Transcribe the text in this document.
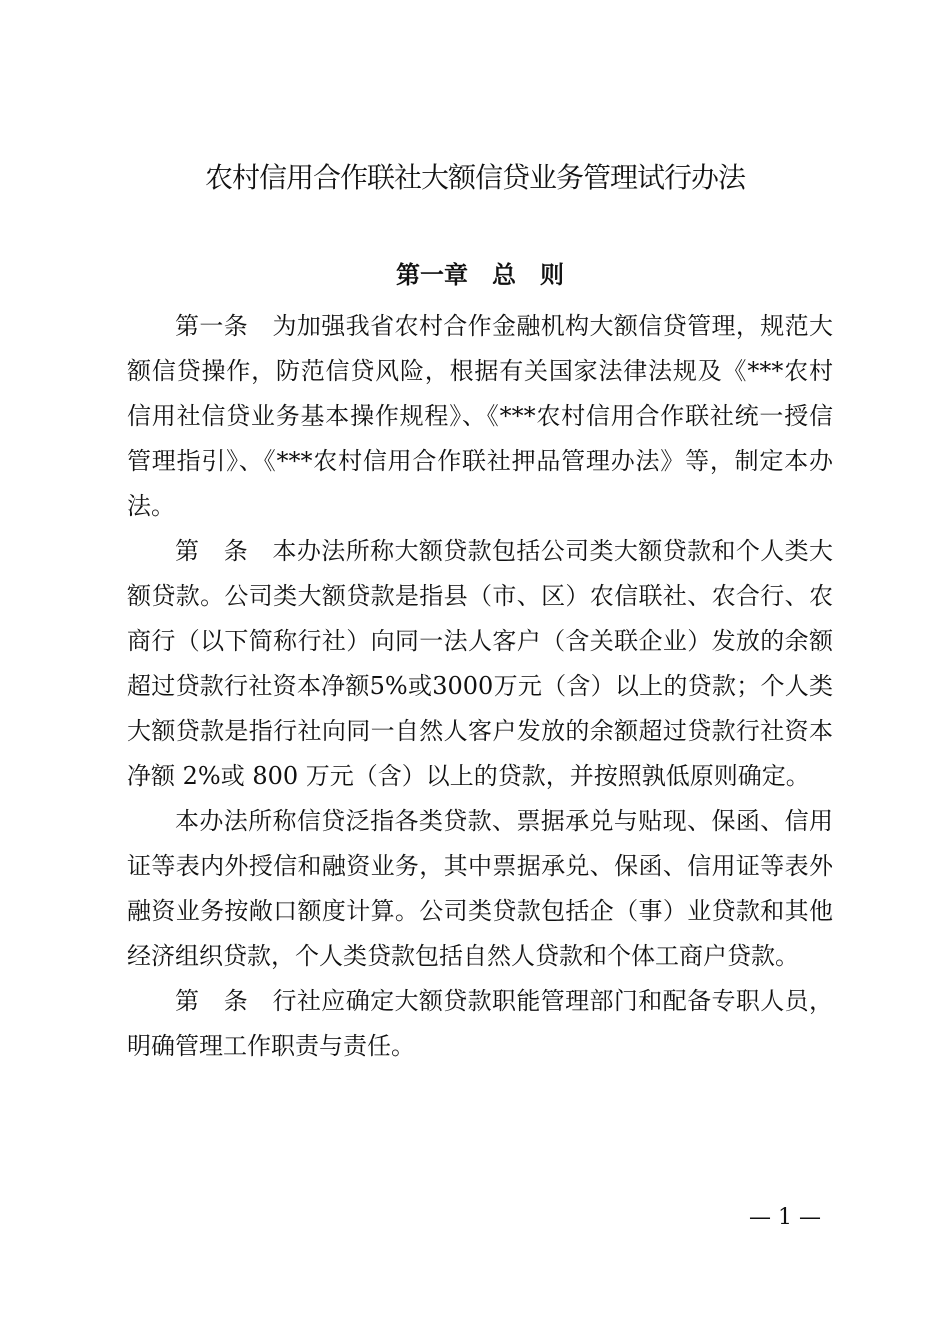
农村信用合作联社大额信贷业务管理试行办法
第一章　总　则

第一条　为加强我省农村合作金融机构大额信贷管理，规范大额信贷操作，防范信贷风险，根据有关国家法律法规及《***农村信用社信贷业务基本操作规程》、《***农村信用合作联社统一授信管理指引》、《***农村信用合作联社押品管理办法》等，制定本办法。

第　条　本办法所称大额贷款包括公司类大额贷款和个人类大额贷款。公司类大额贷款是指县（市、区）农信联社、农合行、农商行（以下简称行社）向同一法人客户（含关联企业）发放的余额超过贷款行社资本净额5%或3000万元（含）以上的贷款；个人类大额贷款是指行社向同一自然人客户发放的余额超过贷款行社资本净额 2%或 800 万元（含）以上的贷款，并按照孰低原则确定。

本办法所称信贷泛指各类贷款、票据承兑与贴现、保函、信用证等表内外授信和融资业务，其中票据承兑、保函、信用证等表外融资业务按敞口额度计算。公司类贷款包括企（事）业贷款和其他经济组织贷款，个人类贷款包括自然人贷款和个体工商户贷款。

第　条　行社应确定大额贷款职能管理部门和配备专职人员，明确管理工作职责与责任。

— 1 —
